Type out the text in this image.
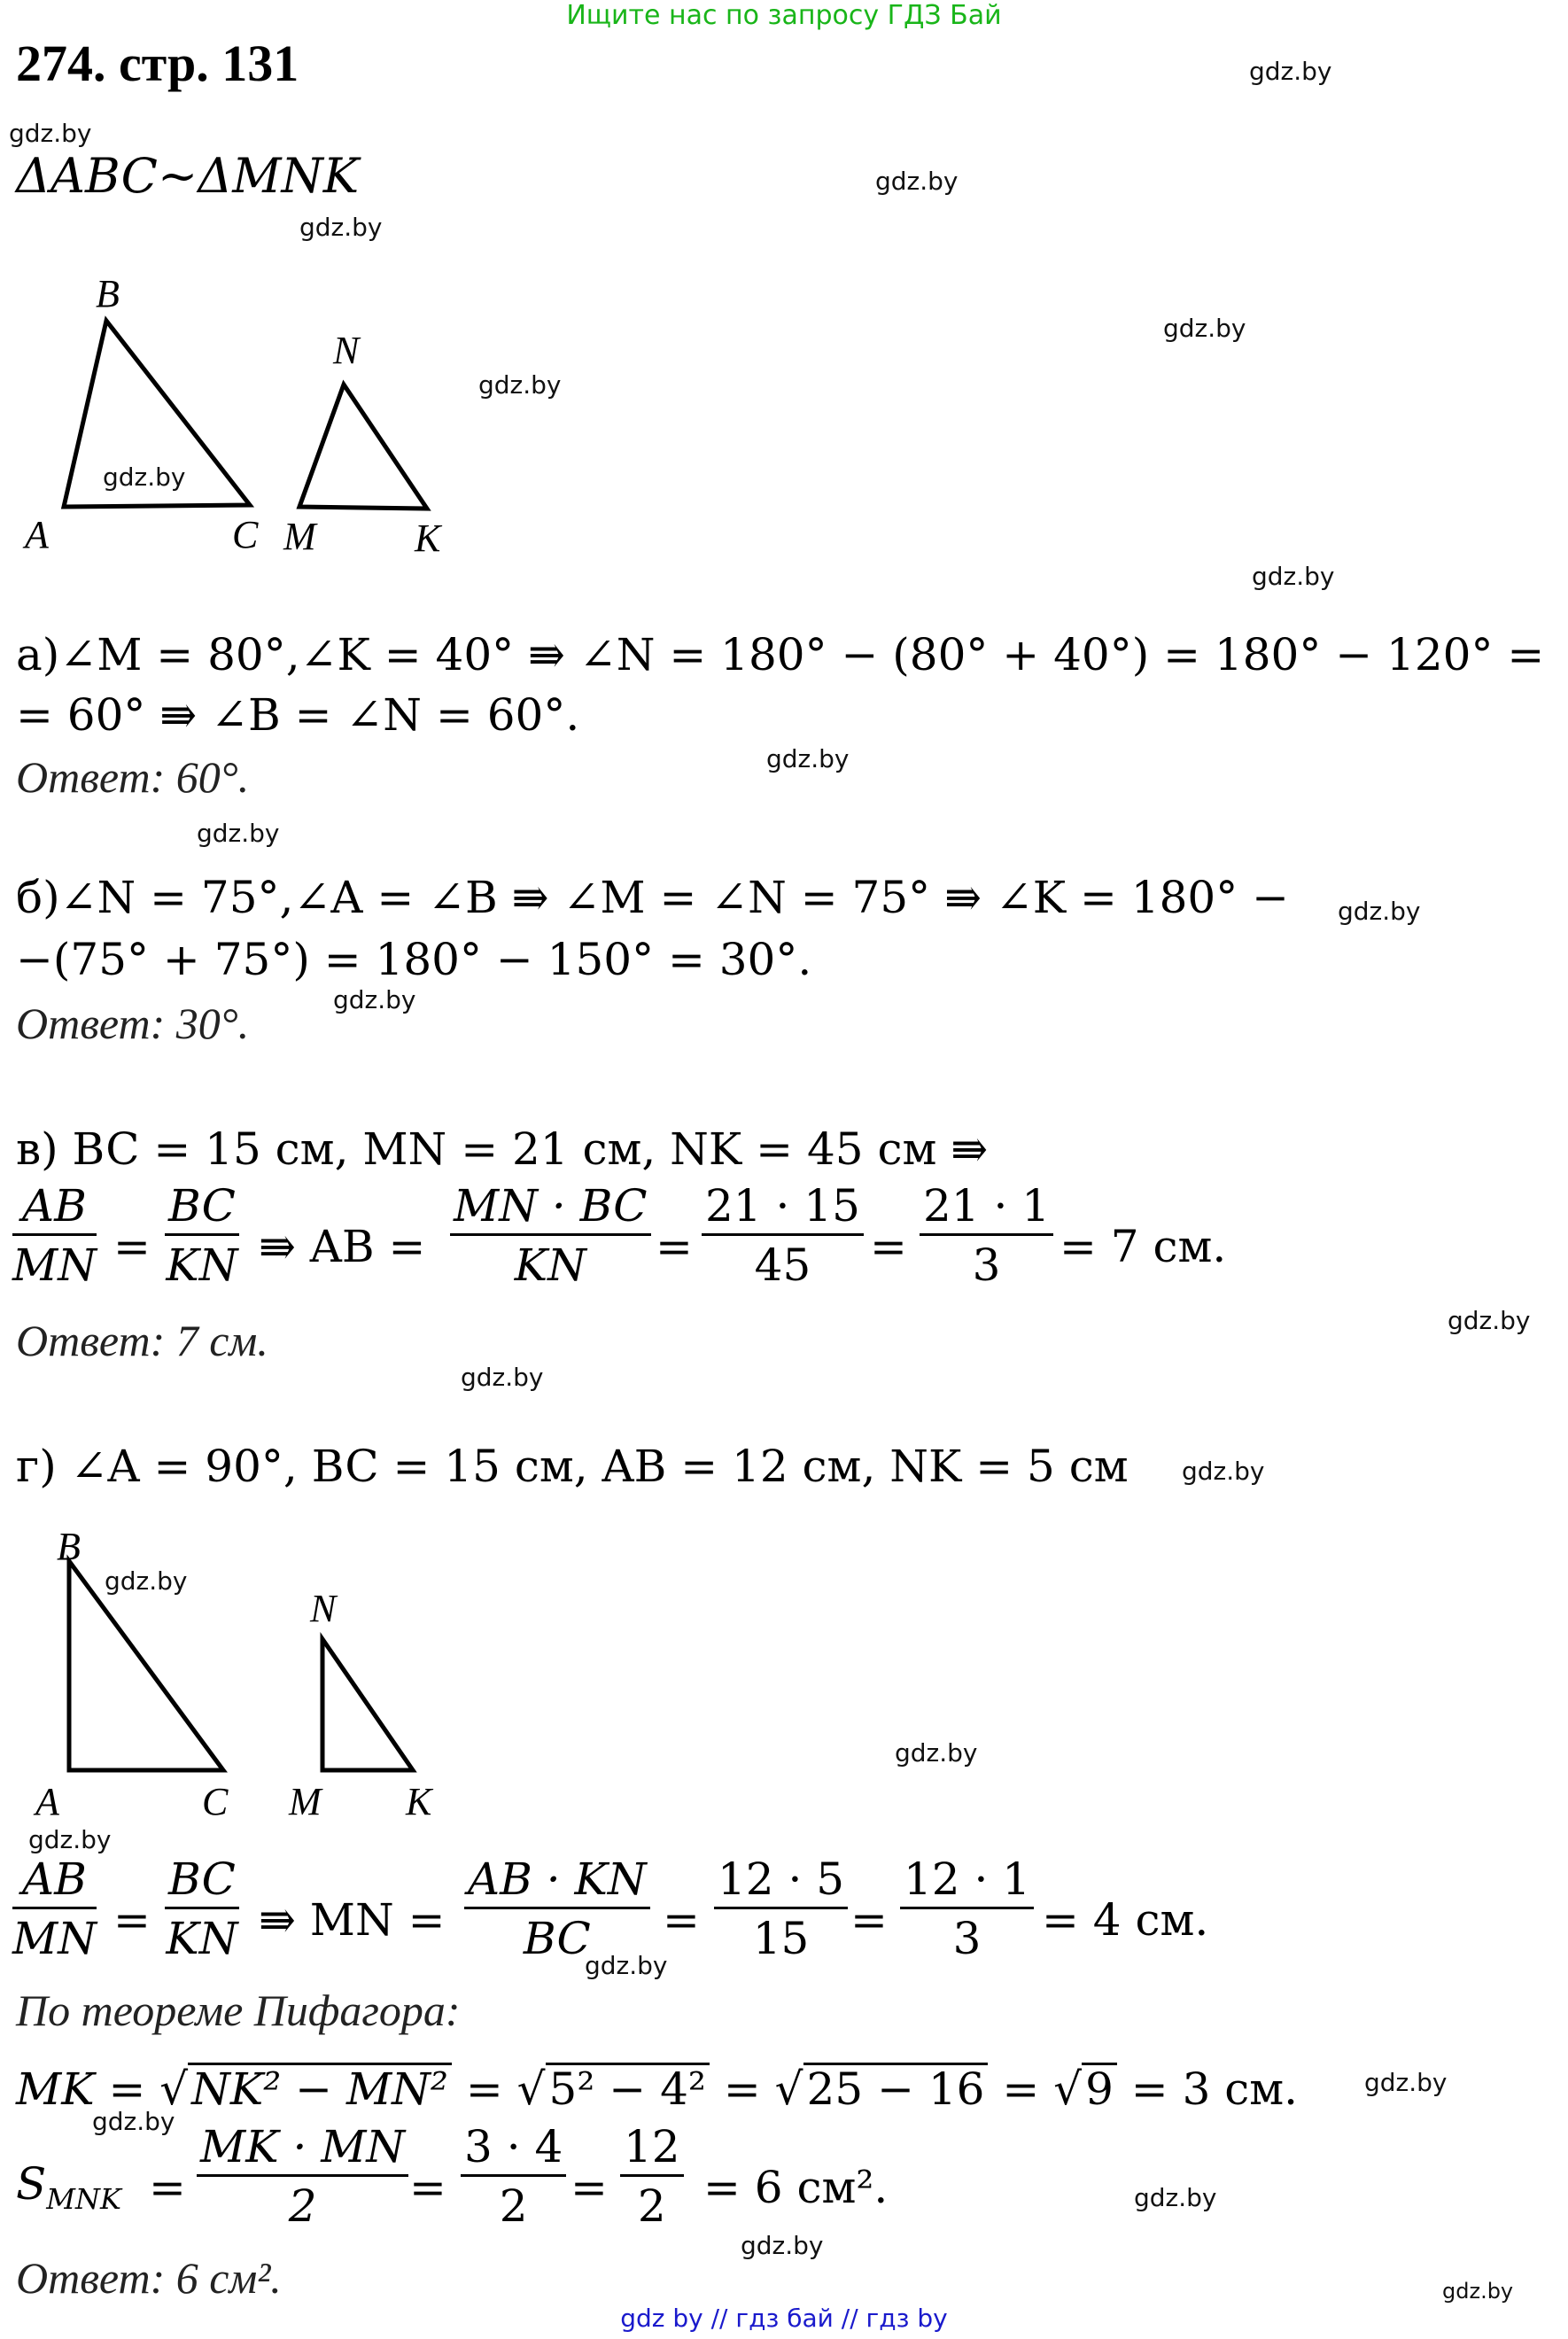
Ищите нас по запросу ГДЗ Бай
274. стр. 131	gdz.by
gdz.by
gdz.by
gdz.by
gdz.by
gdz.by
gdz.by
gdz.by
gdz.by
gdz.by
gdz.by
gdz.by
gdz.by
gdz.by
gdz.by
gdz.by
gdz.by
gdz.by
gdz.by
gdz.by
gdz.by
ΔABC~ΔMNK
B
A	C
N
M	K
gdz.by
а)∠M = 80°,∠K = 40° ⇛ ∠N = 180° − (80° + 40°) = 180° − 120° =
= 60° ⇛ ∠B = ∠N = 60°.
Ответ: 60°.
б)∠N = 75°,∠A = ∠B ⇛ ∠M = ∠N = 75° ⇛ ∠K = 180° −
−(75° + 75°) = 180° − 150° = 30°.
Ответ: 30°.
в) BC = 15 см, MN = 21 см, NK = 45 см ⇛
$\frac{AB}{MN} = \frac{BC}{KN}$ ⇛ AB = $\frac{MN \cdot BC}{KN} = \frac{21 \cdot 15}{45} = \frac{21 \cdot 1}{3} = 7$ см.
Ответ: 7 см.
г) ∠A = 90°, BC = 15 см, AB = 12 см, NK = 5 см
B
A	C
N
M K
gdz.by
$\frac{AB}{MN} = \frac{BC}{KN}$ ⇛ MN = $\frac{AB \cdot KN}{BC}$
gdz.by
= $\frac{12 \cdot 5}{15} = \frac{12 \cdot 1}{3} = 4$ см.
По теореме Пифагора:
MK = √NK² − MN² = √5² − 4² = √25 − 16 = √9 = 3 см.
$S_{MNK} = \frac{MK \cdot MN}{2} = \frac{3 \cdot 4}{2} = \frac{12}{2} = 6$ см².
Ответ: 6 см².
gdz by // гдз бай // гдз by
